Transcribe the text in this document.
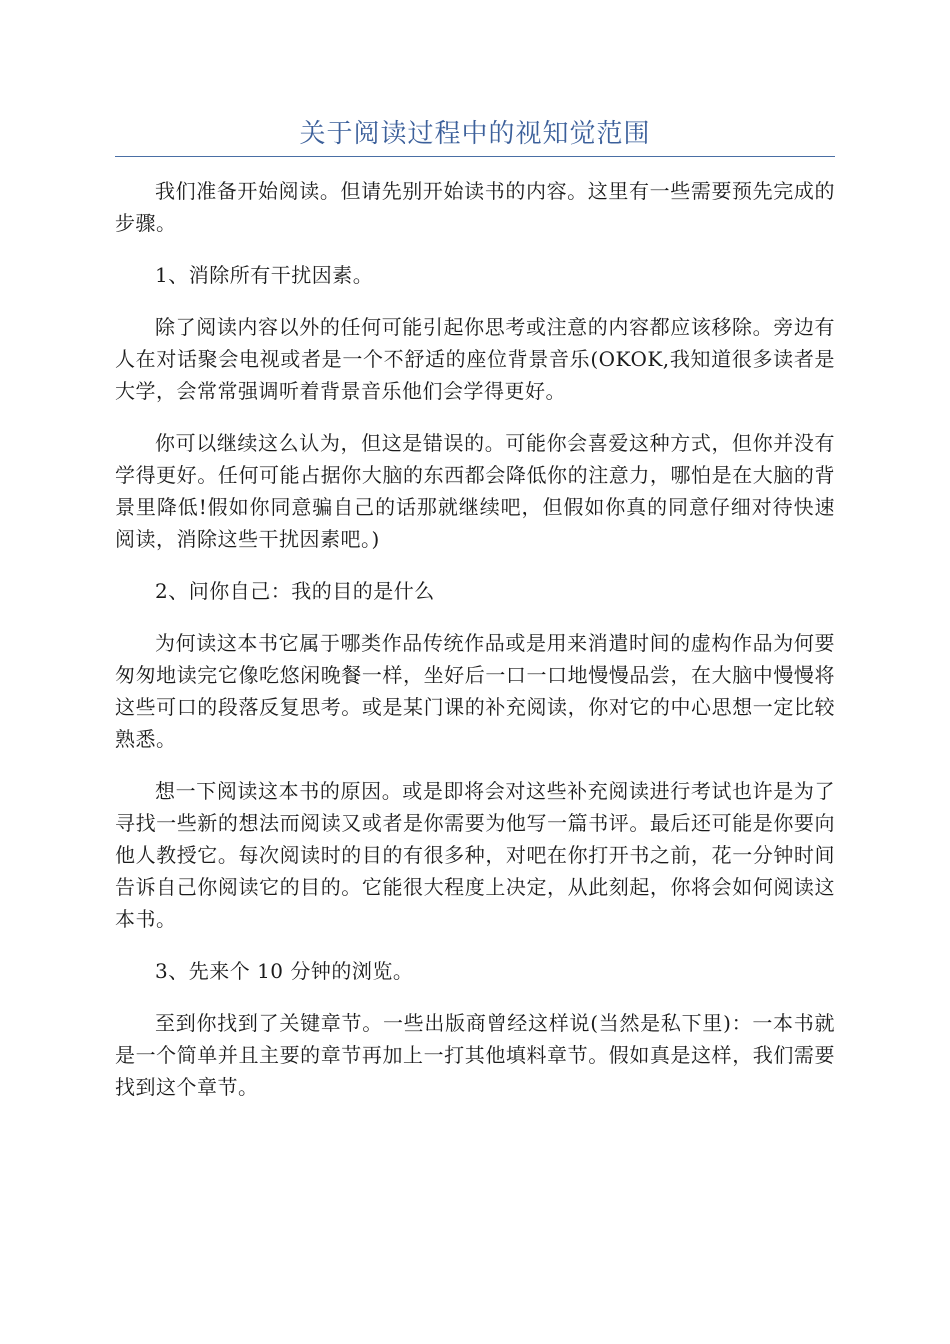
关于阅读过程中的视知觉范围

我们准备开始阅读。但请先别开始读书的内容。这里有一些需要预先完成的步骤。

1、消除所有干扰因素。

除了阅读内容以外的任何可能引起你思考或注意的内容都应该移除。旁边有人在对话聚会电视或者是一个不舒适的座位背景音乐(OKOK,我知道很多读者是大学，会常常强调听着背景音乐他们会学得更好。

你可以继续这么认为，但这是错误的。可能你会喜爱这种方式，但你并没有学得更好。任何可能占据你大脑的东西都会降低你的注意力，哪怕是在大脑的背景里降低!假如你同意骗自己的话那就继续吧，但假如你真的同意仔细对待快速阅读，消除这些干扰因素吧。)

2、问你自己：我的目的是什么

为何读这本书它属于哪类作品传统作品或是用来消遣时间的虚构作品为何要匆匆地读完它像吃悠闲晚餐一样，坐好后一口一口地慢慢品尝，在大脑中慢慢将这些可口的段落反复思考。或是某门课的补充阅读，你对它的中心思想一定比较熟悉。

想一下阅读这本书的原因。或是即将会对这些补充阅读进行考试也许是为了寻找一些新的想法而阅读又或者是你需要为他写一篇书评。最后还可能是你要向他人教授它。每次阅读时的目的有很多种，对吧在你打开书之前，花一分钟时间告诉自己你阅读它的目的。它能很大程度上决定，从此刻起，你将会如何阅读这本书。

3、先来个 10 分钟的浏览。

至到你找到了关键章节。一些出版商曾经这样说(当然是私下里)：一本书就是一个简单并且主要的章节再加上一打其他填料章节。假如真是这样，我们需要找到这个章节。
